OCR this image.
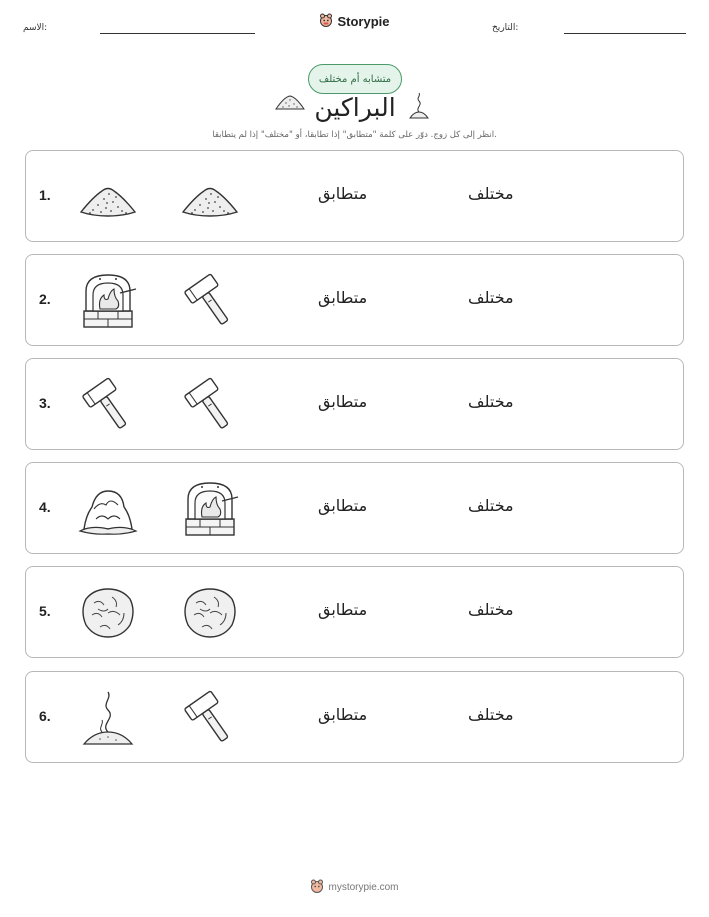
الاسم:	Storypie	التاريخ:
متشابه أم مختلف
البراكين
انظر إلى كل زوج. دوّر على كلمة "متطابق" إذا تطابقا، أو "مختلف" إذا لم يتطابقا.
1.	متطابق	مختلف
2.	متطابق	مختلف
3.	متطابق	مختلف
4.	متطابق	مختلف
5.	متطابق	مختلف
6.	متطابق	مختلف
mystorypie.com
